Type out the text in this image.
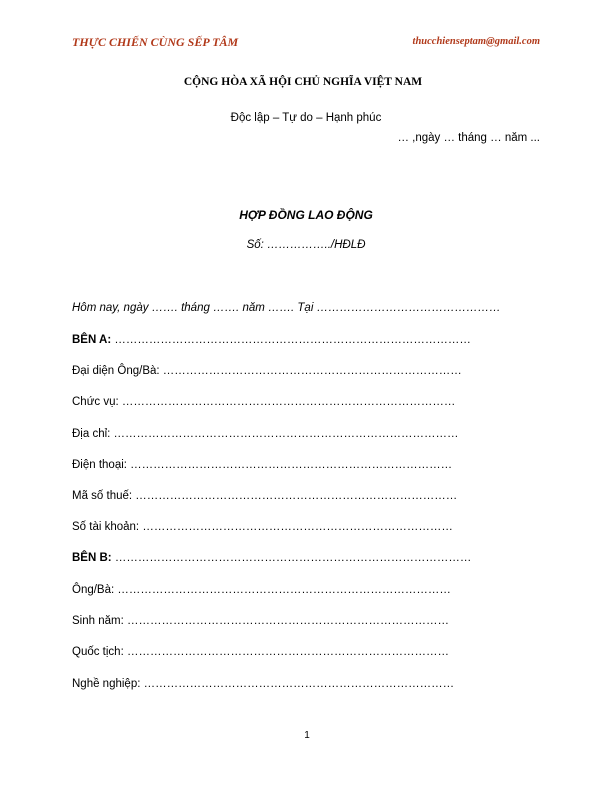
THỰC CHIẾN CÙNG SẾP TÂM	thucchienseptam@gmail.com
CỘNG HÒA XÃ HỘI CHỦ NGHĨA VIỆT NAM
Độc lập – Tự do – Hạnh phúc
… ,ngày … tháng … năm ...
HỢP ĐỒNG LAO ĐỘNG
Số: ……………../HĐLĐ
Hôm nay, ngày ……. tháng ……. năm ……. Tại …………………………………………
BÊN A: …………………………………………………………………………………
Đại diện Ông/Bà: ……………………………………………………………………
Chức vụ: ……………………………………………………………………………
Địa chỉ: ………………………………………………………………………………
Điện thoại: …………………………………………………………………………
Mã số thuế: …………………………………………………………………………
Số tài khoản: ………………………………………………………………………
BÊN B: …………………………………………………………………………………
Ông/Bà: ……………………………………………………………………………
Sinh năm: …………………………………………………………………………
Quốc tịch: …………………………………………………………………………
Nghề nghiệp: ………………………………………………………………………
1
